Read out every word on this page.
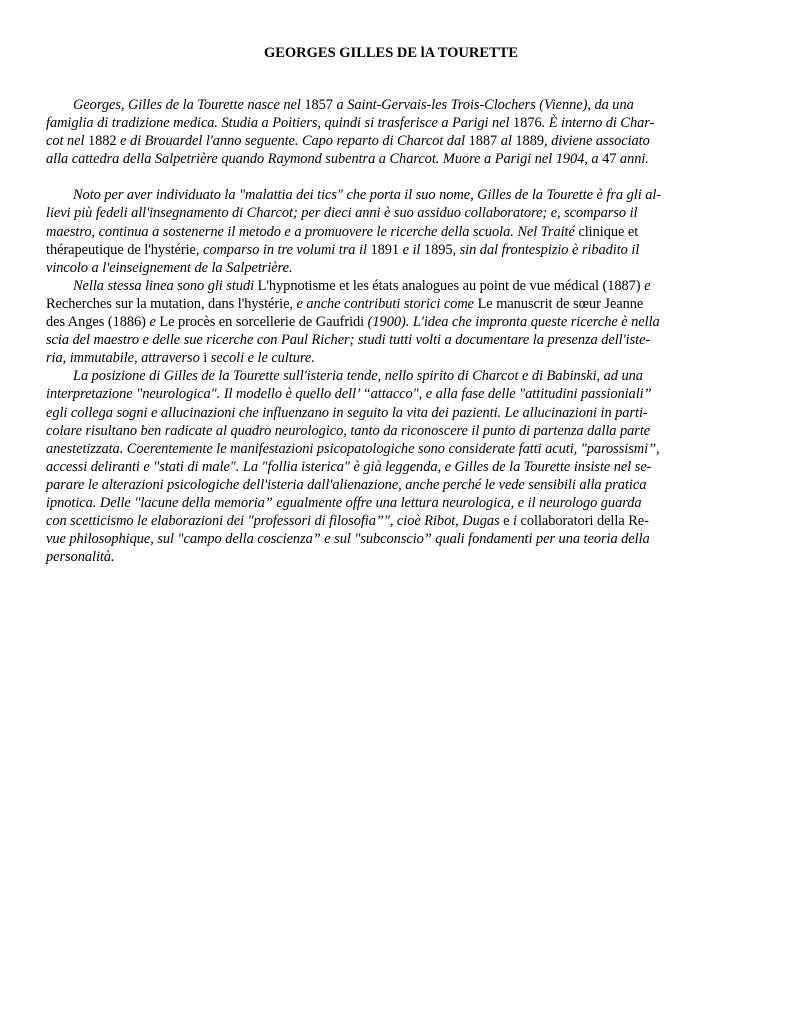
GEORGES GILLES DE lA TOURETTE

Georges, Gilles de la Tourette nasce nel 1857 a Saint-Gervais-les Trois-Clochers (Vienne), da una
famiglia di tradizione medica. Studia a Poitiers, quindi si trasferisce a Parigi nel 1876. È interno di Char-
cot nel 1882 e di Brouardel l'anno seguente. Capo reparto di Charcot dal 1887 al 1889, diviene associato
alla cattedra della Salpetrière quando Raymond subentra a Charcot. Muore a Parigi nel 1904, a 47 anni.

Noto per aver individuato la "malattia dei tics" che porta il suo nome, Gilles de la Tourette è fra gli al-
lievi più fedeli all'insegnamento di Charcot; per dieci anni è suo assiduo collaboratore; e, scomparso il
maestro, continua a sostenerne il metodo e a promuovere le ricerche della scuola. Nel Traité clinique et
thérapeutique de l'hystérie, comparso in tre volumi tra il 1891 e il 1895, sin dal frontespizio è ribadito il
vincolo a l'einseignement de la Salpetrière.

Nella stessa linea sono gli studi L'hypnotisme et les états analogues au point de vue médical (1887) e
Recherches sur la mutation, dans l'hystérie, e anche contributi storici come Le manuscrit de sœur Jeanne
des Anges (1886) e Le procès en sorcellerie de Gaufridi (1900). L'idea che impronta queste ricerche è nella
scia del maestro e delle sue ricerche con Paul Richer; studi tutti volti a documentare la presenza dell'iste-
ria, immutabile, attraverso i secoli e le culture.

La posizione di Gilles de la Tourette sull'isteria tende, nello spirito di Charcot e di Babinski, ad una
interpretazione "neurologica". Il modello è quello dell’ “attacco", e alla fase delle "attitudini passioniali”
egli collega sogni e allucinazioni che influenzano in seguito la vita dei pazienti. Le allucinazioni in parti-
colare risultano ben radicate al quadro neurologico, tanto da riconoscere il punto di partenza dalla parte
anestetizzata. Coerentemente le manifestazioni psicopatologiche sono considerate fatti acuti, "parossismi”,
accessi deliranti e "stati di male". La "follia isterica" è già leggenda, e Gilles de la Tourette insiste nel se-
parare le alterazioni psicologiche dell'isteria dall'alienazione, anche perché le vede sensibili alla pratica
ipnotica. Delle "lacune della memoria” egualmente offre una lettura neurologica, e il neurologo guarda
con scetticismo le elaborazioni dei "professori di filosofia”", cioè Ribot, Dugas e i collaboratori della Re-
vue philosophique, sul "campo della coscienza” e sul "subconscio” quali fondamenti per una teoria della
personalità.
